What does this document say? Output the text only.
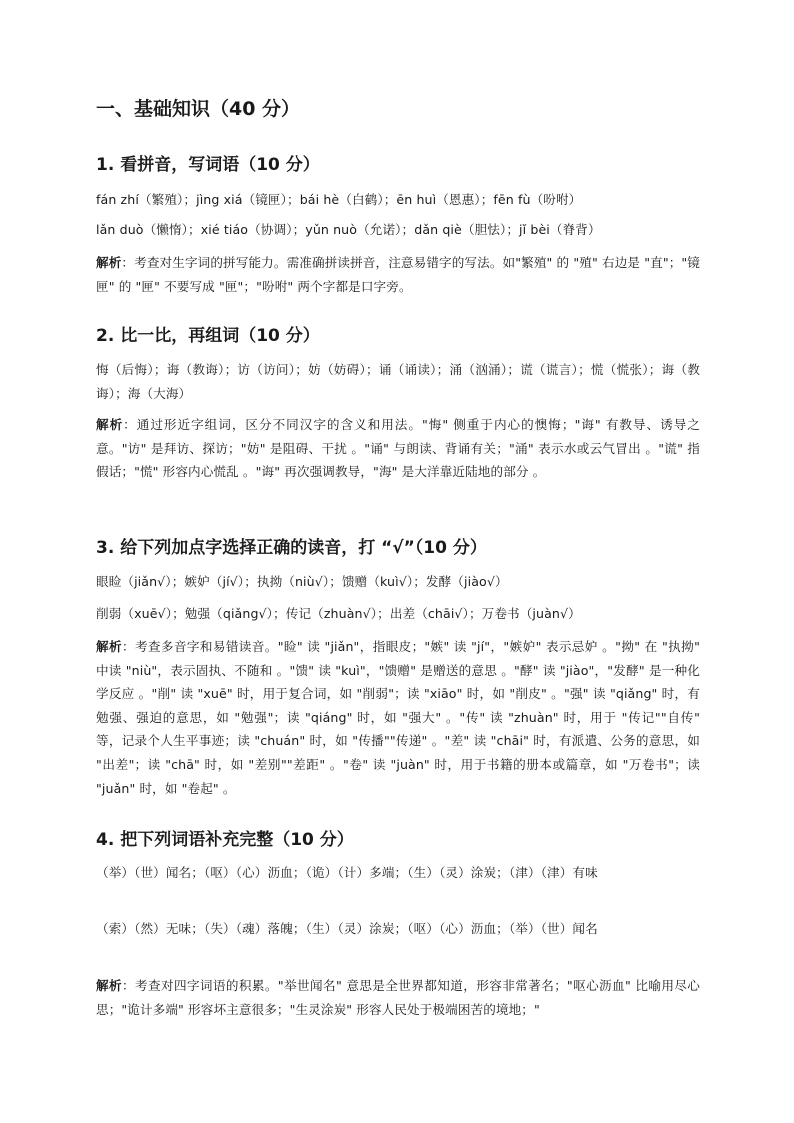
一、基础知识（40 分）
1. 看拼音，写词语（10 分）
fán zhí（繁殖）；jìng xiá（镜匣）；bái hè（白鹤）；ēn huì（恩惠）；fēn fù（吩咐）
lǎn duò（懒惰）；xié tiáo（协调）；yǔn nuò（允诺）；dǎn qiè（胆怯）；jǐ bèi（脊背）
解析：考查对生字词的拼写能力。需准确拼读拼音，注意易错字的写法。如"繁殖" 的 "殖" 右边是 "直"；"镜匣" 的 "匣" 不要写成 "匣"；"吩咐" 两个字都是口字旁。
2. 比一比，再组词（10 分）
悔（后悔）；诲（教诲）；访（访问）；妨（妨碍）；诵（诵读）；涌（汹涌）；谎（谎言）；慌（慌张）；诲（教诲）；海（大海）
解析：通过形近字组词，区分不同汉字的含义和用法。"悔" 侧重于内心的懊悔；"诲" 有教导、诱导之意。"访" 是拜访、探访；"妨" 是阻碍、干扰 。"诵" 与朗读、背诵有关；"涌" 表示水或云气冒出 。"谎" 指假话；"慌" 形容内心慌乱 。"诲" 再次强调教导，"海" 是大洋靠近陆地的部分 。
3. 给下列加点字选择正确的读音，打 “√”（10 分）
眼睑（jiǎn√）；嫉妒（jí√）；执拗（niù√）；馈赠（kuì√）；发酵（jiào√）
削弱（xuē√）；勉强（qiǎng√）；传记（zhuàn√）；出差（chāi√）；万卷书（juàn√）
解析：考查多音字和易错读音。"睑" 读 "jiǎn"，指眼皮；"嫉" 读 "jí"，"嫉妒" 表示忌妒 。"拗" 在 "执拗" 中读 "niù"，表示固执、不随和 。"馈" 读 "kuì"，"馈赠" 是赠送的意思 。"酵" 读 "jiào"，"发酵" 是一种化学反应 。"削" 读 "xuē" 时，用于复合词，如 "削弱"；读 "xiāo" 时，如 "削皮" 。"强" 读 "qiǎng" 时，有勉强、强迫的意思，如 "勉强"；读 "qiáng" 时，如 "强大" 。"传" 读 "zhuàn" 时，用于 "传记""自传" 等，记录个人生平事迹；读 "chuán" 时，如 "传播""传递" 。"差" 读 "chāi" 时，有派遣、公务的意思，如 "出差"；读 "chā" 时，如 "差别""差距" 。"卷" 读 "juàn" 时，用于书籍的册本或篇章，如 "万卷书"；读 "juǎn" 时，如 "卷起" 。
4. 把下列词语补充完整（10 分）
（举）（世）闻名；（呕）（心）沥血；（诡）（计）多端；（生）（灵）涂炭；（津）（津）有味
（索）（然）无味；（失）（魂）落魄；（生）（灵）涂炭；（呕）（心）沥血；（举）（世）闻名
解析：考查对四字词语的积累。"举世闻名" 意思是全世界都知道，形容非常著名；"呕心沥血" 比喻用尽心思；"诡计多端" 形容坏主意很多；"生灵涂炭" 形容人民处于极端困苦的境地；"
